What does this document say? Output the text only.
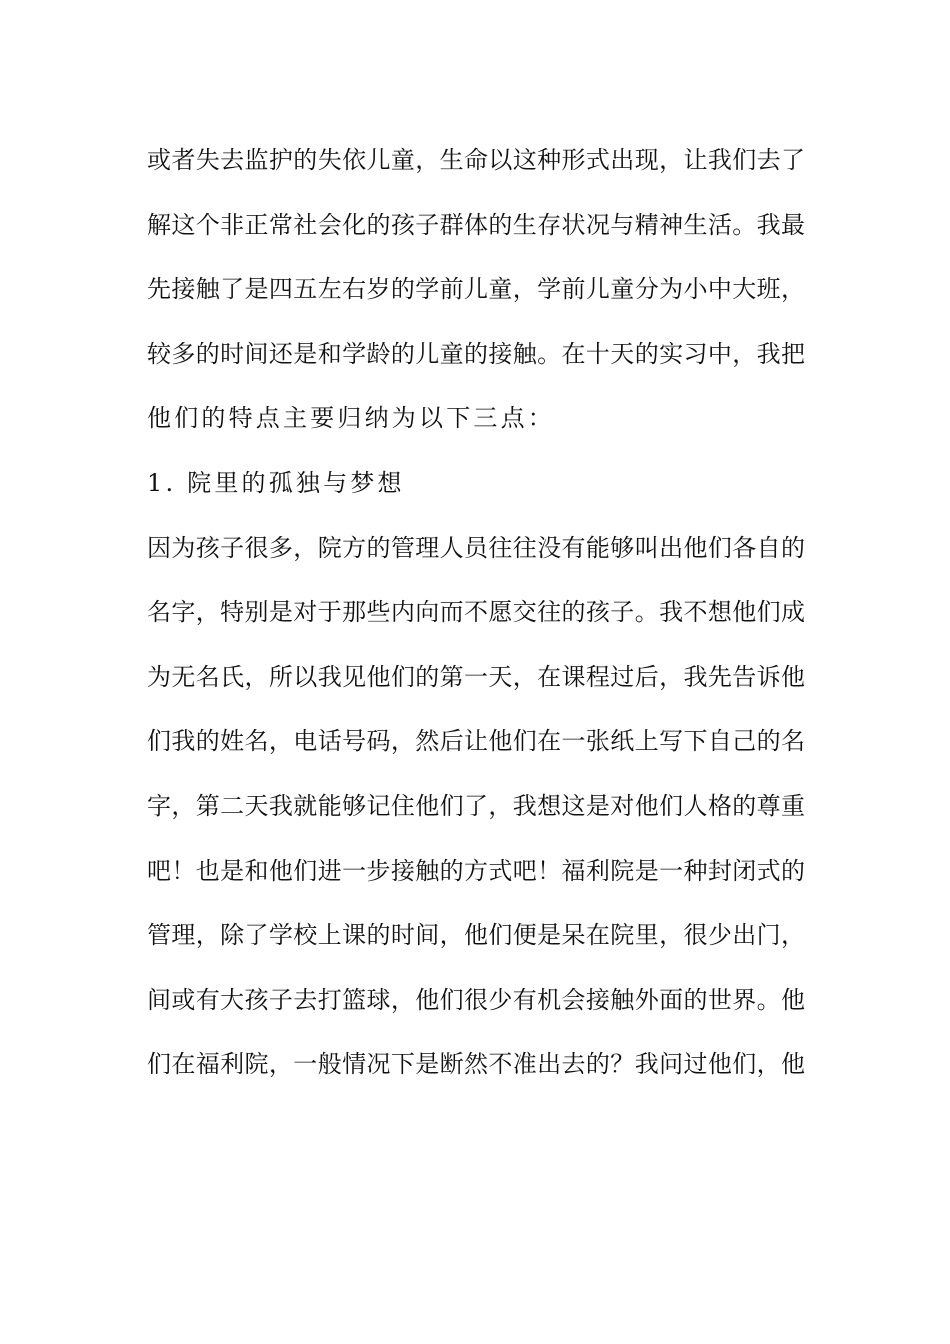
或者失去监护的失依儿童，生命以这种形式出现，让我们去了
解这个非正常社会化的孩子群体的生存状况与精神生活。我最
先接触了是四五左右岁的学前儿童，学前儿童分为小中大班，
较多的时间还是和学龄的儿童的接触。在十天的实习中，我把
他们的特点主要归纳为以下三点：
1. 院里的孤独与梦想
因为孩子很多，院方的管理人员往往没有能够叫出他们各自的
名字，特别是对于那些内向而不愿交往的孩子。我不想他们成
为无名氏，所以我见他们的第一天，在课程过后，我先告诉他
们我的姓名，电话号码，然后让他们在一张纸上写下自己的名
字，第二天我就能够记住他们了，我想这是对他们人格的尊重
吧！也是和他们进一步接触的方式吧！福利院是一种封闭式的
管理，除了学校上课的时间，他们便是呆在院里，很少出门，
间或有大孩子去打篮球，他们很少有机会接触外面的世界。他
们在福利院，一般情况下是断然不准出去的？我问过他们，他
